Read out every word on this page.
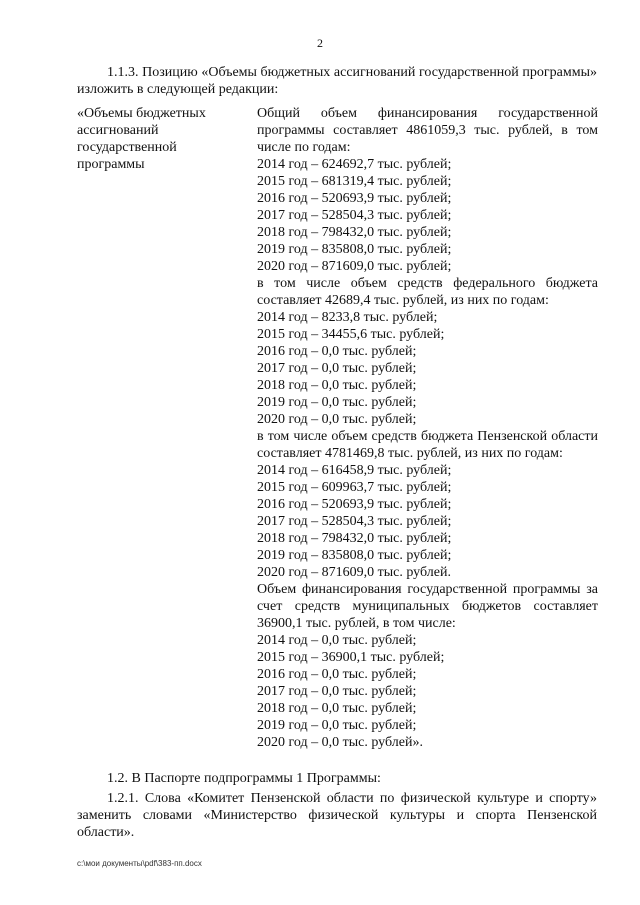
2

1.1.3. Позицию «Объемы бюджетных ассигнований государственной программы» изложить в следующей редакции:

«Объемы бюджетных
ассигнований
государственной
программы
Общий объем финансирования государственной программы составляет 4861059,3 тыс. рублей, в том числе по годам:
2014 год – 624692,7 тыс. рублей;
2015 год – 681319,4 тыс. рублей;
2016 год – 520693,9 тыс. рублей;
2017 год – 528504,3 тыс. рублей;
2018 год – 798432,0 тыс. рублей;
2019 год – 835808,0 тыс. рублей;
2020 год – 871609,0 тыс. рублей;
в том числе объем средств федерального бюджета составляет 42689,4 тыс. рублей, из них по годам:
2014 год – 8233,8 тыс. рублей;
2015 год – 34455,6 тыс. рублей;
2016 год – 0,0 тыс. рублей;
2017 год – 0,0 тыс. рублей;
2018 год – 0,0 тыс. рублей;
2019 год – 0,0 тыс. рублей;
2020 год – 0,0 тыс. рублей;
в том числе объем средств бюджета Пензенской области составляет 4781469,8 тыс. рублей, из них по годам:
2014 год – 616458,9 тыс. рублей;
2015 год – 609963,7 тыс. рублей;
2016 год – 520693,9 тыс. рублей;
2017 год – 528504,3 тыс. рублей;
2018 год – 798432,0 тыс. рублей;
2019 год – 835808,0 тыс. рублей;
2020 год – 871609,0 тыс. рублей.
Объем финансирования государственной программы за счет средств муниципальных бюджетов составляет 36900,1 тыс. рублей, в том числе:
2014 год – 0,0 тыс. рублей;
2015 год – 36900,1 тыс. рублей;
2016 год – 0,0 тыс. рублей;
2017 год – 0,0 тыс. рублей;
2018 год – 0,0 тыс. рублей;
2019 год – 0,0 тыс. рублей;
2020 год – 0,0 тыс. рублей».

1.2. В Паспорте подпрограммы 1 Программы:

1.2.1. Слова «Комитет Пензенской области по физической культуре и спорту» заменить словами «Министерство физической культуры и спорта Пензенской области».

c:\мои документы\pdf\383-пп.docx
